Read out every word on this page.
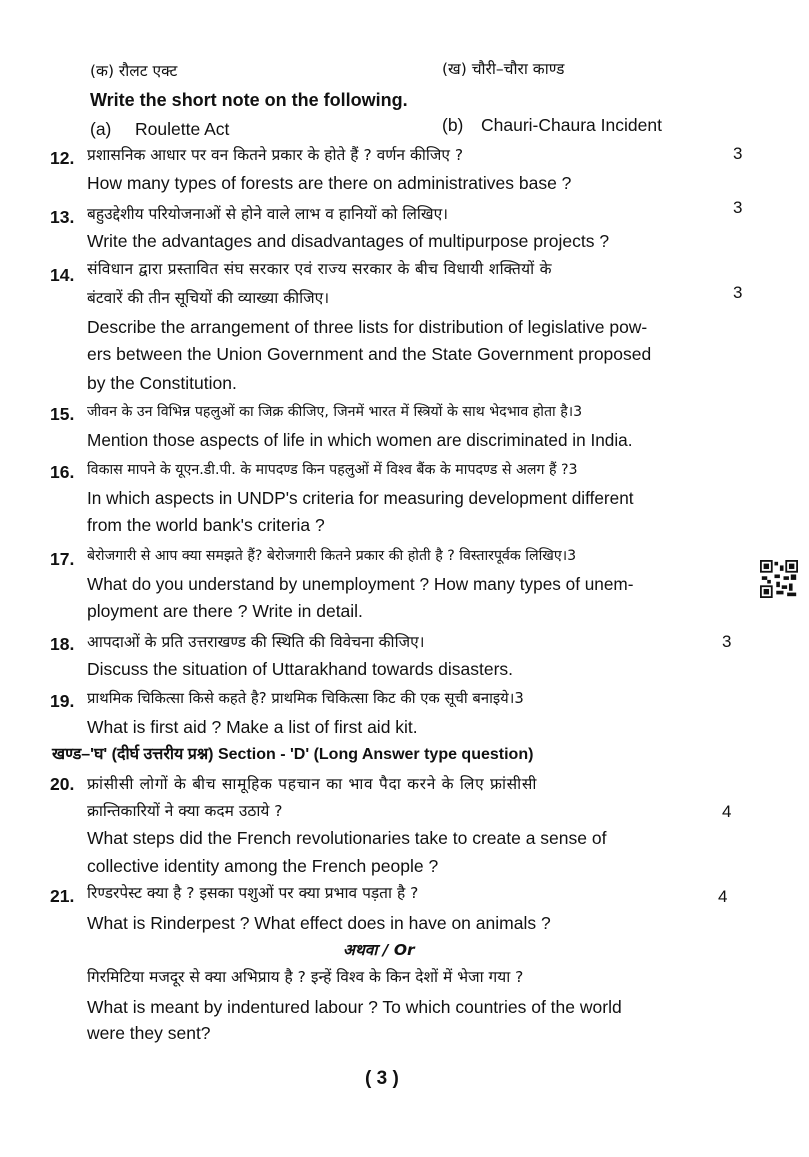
(क) रौलट एक्ट	(ख) चौरी–चौरा काण्ड
Write the short note on the following.
(a) Roulette Act	(b) Chauri-Chaura Incident
12. प्रशासनिक आधार पर वन कितने प्रकार के होते हैं ? वर्णन कीजिए ?	3
How many types of forests are there on administratives base ?
13. बहुउद्देशीय परियोजनाओं से होने वाले लाभ व हानियों को लिखिए।	3
Write the advantages and disadvantages of multipurpose projects ?
14. संविधान द्वारा प्रस्तावित संघ सरकार एवं राज्य सरकार के बीच विधायी शक्तियों के
बंटवारें की तीन सूचियों की व्याख्या कीजिए।	3
Describe the arrangement of three lists for distribution of legislative pow-
ers between the Union Government and the State Government proposed
by the Constitution.
15. जीवन के उन विभिन्न पहलुओं का जिक्र कीजिए, जिनमें भारत में स्त्रियों के साथ भेदभाव होता है।3
Mention those aspects of life in which women are discriminated in India.
16. विकास मापने के यूएन.डी.पी. के मापदण्ड किन पहलुओं में विश्व बैंक के मापदण्ड से अलग हैं ?3
In which aspects in UNDP's criteria for measuring development different
from the world bank's criteria ?
17. बेरोजगारी से आप क्या समझते हैं? बेरोजगारी कितने प्रकार की होती है ? विस्तारपूर्वक लिखिए।3
What do you understand by unemployment ? How many types of unem-
ployment are there ? Write in detail.
18. आपदाओं के प्रति उत्तराखण्ड की स्थिति की विवेचना कीजिए।	3
Discuss the situation of Uttarakhand towards disasters.
19. प्राथमिक चिकित्सा किसे कहते है? प्राथमिक चिकित्सा किट की एक सूची बनाइये।3
What is first aid ? Make a list of first aid kit.
खण्ड–'घ' (दीर्घ उत्तरीय प्रश्न) Section - 'D' (Long Answer type question)
20. फ्रांसीसी लोगों के बीच सामूहिक पहचान का भाव पैदा करने के लिए फ्रांसीसी
क्रान्तिकारियों ने क्या कदम उठाये ?	4
What steps did the French revolutionaries take to create a sense of
collective identity among the French people ?
21. रिण्डरपेस्ट क्या है ? इसका पशुओं पर क्या प्रभाव पड़ता है ?	4
What is Rinderpest ? What effect does in have on animals ?
अथवा / Or
गिरमिटिया मजदूर से क्या अभिप्राय है ? इन्हें विश्व के किन देशों में भेजा गया ?
What is meant by indentured labour ? To which countries of the world
were they sent?
( 3 )
